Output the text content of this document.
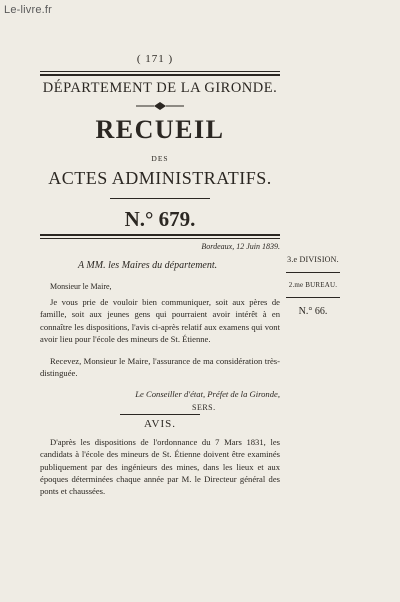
Le-livre.fr
( 171 )
DÉPARTEMENT DE LA GIRONDE.
RECUEIL
DES
ACTES ADMINISTRATIFS.
N.° 679.
Bordeaux, 12 Juin 1839.
A MM. les Maires du département.
Monsieur le Maire,
Je vous prie de vouloir bien communiquer, soit aux pères de famille, soit aux jeunes gens qui pourraient avoir intérêt à en connaître les dispositions, l'avis ci-après relatif aux examens qui vont avoir lieu pour l'école des mineurs de St. Étienne.
Recevez, Monsieur le Maire, l'assurance de ma considération très-distinguée.
Le Conseiller d'état, Préfet de la Gironde,
SERS.
AVIS.
D'après les dispositions de l'ordonnance du 7 Mars 1831, les candidats à l'école des mineurs de St. Étienne doivent être examinés publiquement par des ingénieurs des mines, dans les lieux et aux époques déterminées chaque année par M. le Directeur général des ponts et chaussées.
3.e DIVISION.
2.me BUREAU.
N.° 66.
